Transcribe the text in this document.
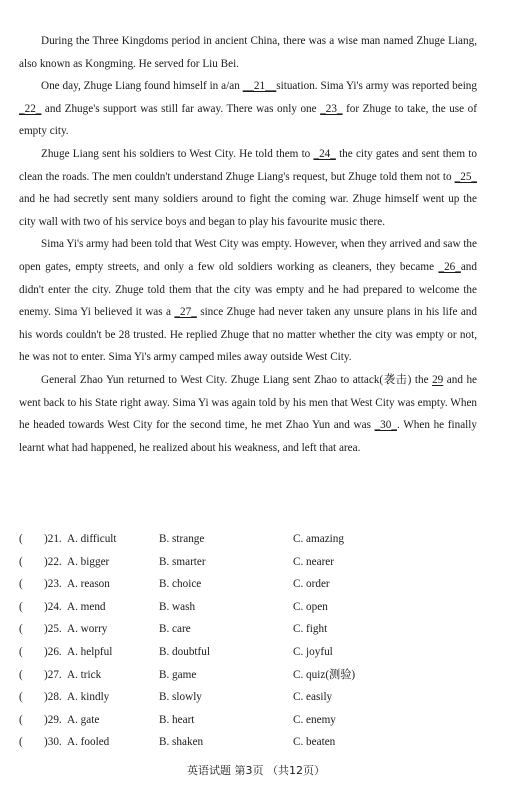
During the Three Kingdoms period in ancient China, there was a wise man named Zhuge Liang, also known as Kongming. He served for Liu Bei.

One day, Zhuge Liang found himself in a/an __21__situation. Sima Yi's army was reported being _22_ and Zhuge's support was still far away. There was only one _23_ for Zhuge to take, the use of empty city.

Zhuge Liang sent his soldiers to West City. He told them to _24_ the city gates and sent them to clean the roads. The men couldn't understand Zhuge Liang's request, but Zhuge told them not to _25_ and he had secretly sent many soldiers around to fight the coming war. Zhuge himself went up the city wall with two of his service boys and began to play his favourite music there.

Sima Yi's army had been told that West City was empty. However, when they arrived and saw the open gates, empty streets, and only a few old soldiers working as cleaners, they became _26_and didn't enter the city. Zhuge told them that the city was empty and he had prepared to welcome the enemy. Sima Yi believed it was a _27_ since Zhuge had never taken any unsure plans in his life and his words couldn't be 28 trusted. He replied Zhuge that no matter whether the city was empty or not, he was not to enter. Sima Yi's army camped miles away outside West City.

General Zhao Yun returned to West City. Zhuge Liang sent Zhao to attack(袭击) the 29 and he went back to his State right away. Sima Yi was again told by his men that West City was empty. When he headed towards West City for the second time, he met Zhao Yun and was _30_. When he finally learnt what had happened, he realized about his weakness, and left that area.

( )21. A. difficult	B. strange	C. amazing
( )22. A. bigger	B. smarter	C. nearer
( )23. A. reason	B. choice	C. order
( )24. A. mend	B. wash	C. open
( )25. A. worry	B. care	C. fight
( )26. A. helpful	B. doubtful	C. joyful
( )27. A. trick	B. game	C. quiz(测验)
( )28. A. kindly	B. slowly	C. easily
( )29. A. gate	B. heart	C. enemy
( )30. A. fooled	B. shaken	C. beaten
英语试题 第3页 （共12页）
